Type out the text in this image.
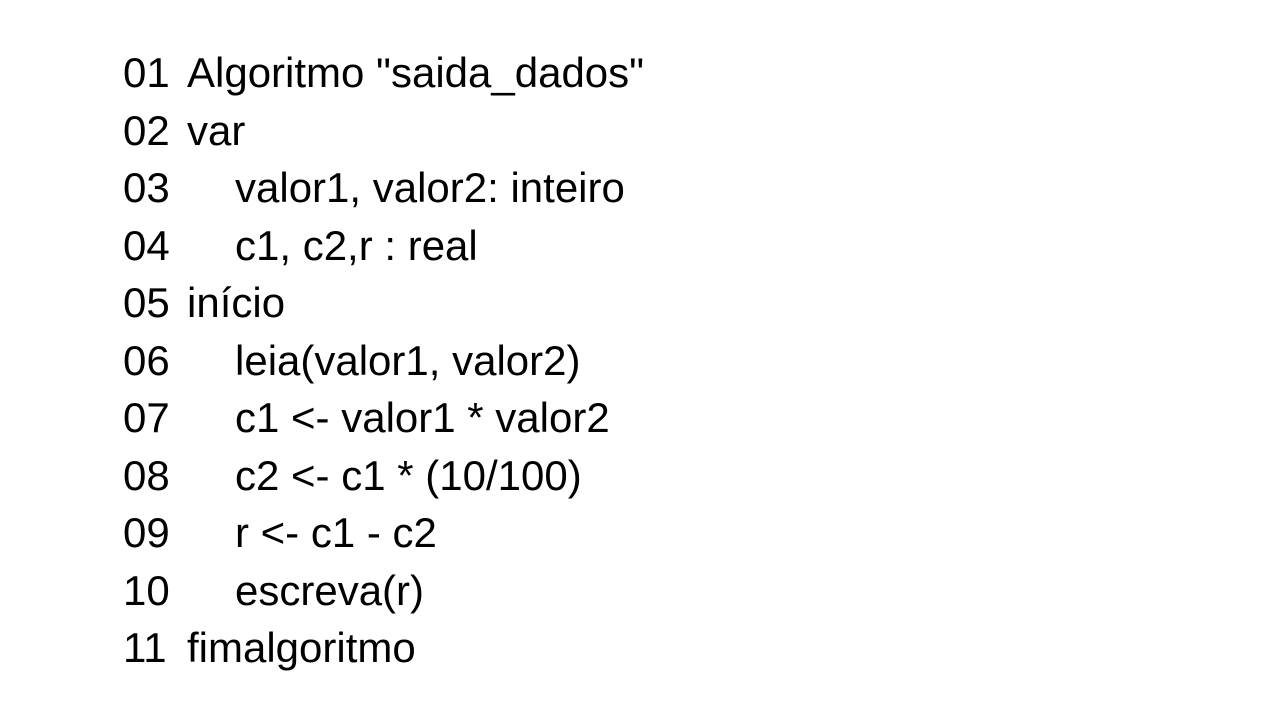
01 Algoritmo "saida_dados"
02 var
03	valor1, valor2: inteiro
04	c1, c2,r : real
05 início
06	leia(valor1, valor2)
07	c1 <- valor1 * valor2
08	c2 <- c1 * (10/100)
09	r <- c1 - c2
10	escreva(r)
11 fimalgoritmo
